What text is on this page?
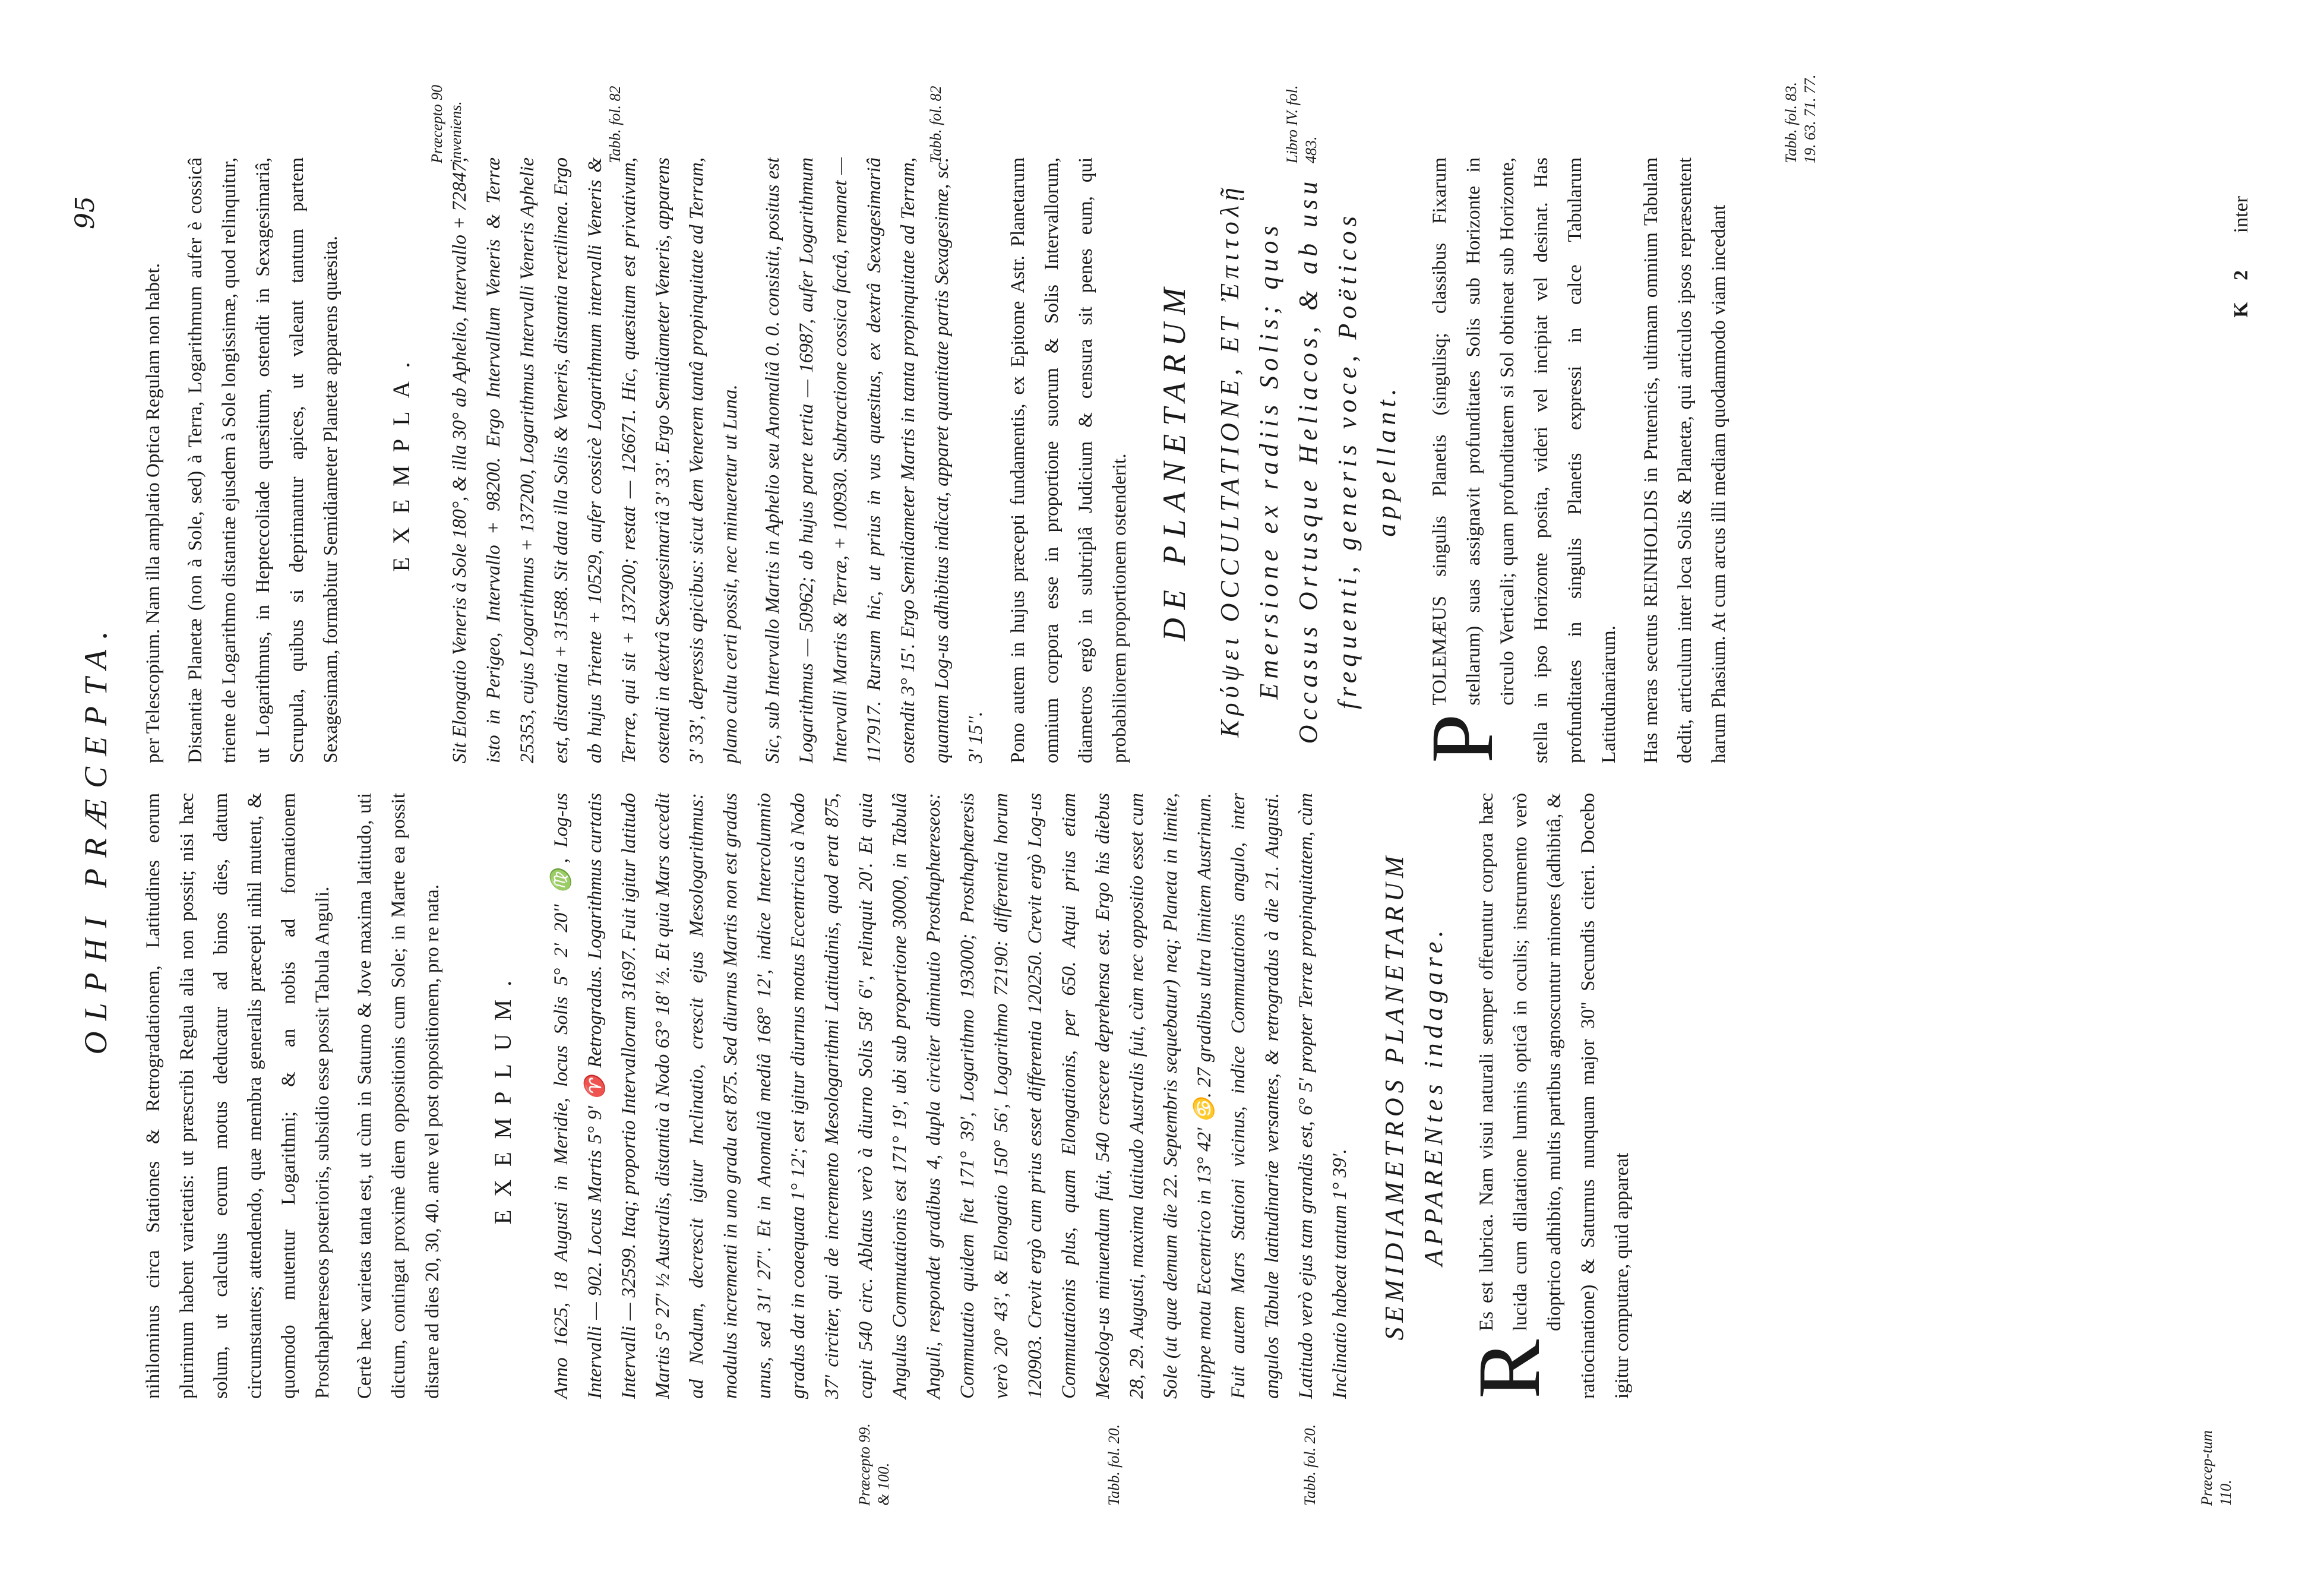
OLPHI PRÆCEPTA.
95
Præcepto 99. & 100.	Tabb. fol. 20.	Tabb. fol. 20.	Præcep-tum 110.
Præcepto 90 inveniens.	Tabb. fol. 82	Tabb. fol. 82	Libro IV. fol. 483.	Tabb. fol. 83. 19. 63. 71. 77.

nihilominus circa Stationes & Retrogradationem, Latitudines eorum plurimum habent varietatis: ut præscribi Regula alia non possit; nisi hæc solum, ut calculus eorum motus deducatur ad binos dies, datum circumstantes; attendendo, quæ membra generalis præcepti nihil mutent, & quomodo mutentur Logarithmi; & an nobis ad formationem Prosthaphæreseos posterioris, subsidio esse possit Tabula Anguli.	Certè hæc varietas tanta est, ut cùm in Saturno & Jove maxima latitudo, uti dictum, contingat proximè diem oppositionis cum Sole; in Marte ea possit distare ad dies 20, 30, 40. ante vel post oppositionem, pro re nata. EXEMPLUM.	Anno 1625, 18 Augusti in Meridie, locus Solis 5° 2' 20'' ♍, Log-us Intervalli — 902. Locus Martis 5° 9' ♈ Retrogradus. Logarithmus curtatis Intervalli — 32599. Itaq; proportio Intervallorum 31697. Fuit igitur latitudo Martis 5° 27' ½ Australis, distantia à Nodo 63° 18' ½. Et quia Mars accedit ad Nodum, decrescit igitur Inclinatio, crescit ejus Mesologarithmus: modulus incrementi in uno gradu est 875. Sed diurnus Martis non est gradus unus, sed 31' 27''. Et in Anomaliâ mediâ 168° 12', indice Intercolumnio gradus dat in coaequata 1° 12'; est igitur diurnus motus Eccentricus à Nodo 37' circiter, qui de incremento Mesologarithmi Latitudinis, quod erat 875, capit 540 circ. Ablatus verò à diurno Solis 58' 6'', relinquit 20'. Et quia Angulus Commutationis est 171° 19', ubi sub proportione 30000, in Tabulâ Anguli, respondet gradibus 4, dupla circiter diminutio Prosthaphæreseos: Commutatio quidem fiet 171° 39', Logarithmo 193000; Prosthaphæresis verò 20° 43', & Elongatio 150° 56', Logarithmo 72190: differentia horum 120903. Crevit ergò cum prius esset differentia 120250. Crevit ergò Log-us Commutationis plus, quam Elongationis, per 650. Atqui prius etiam Mesolog-us minuendum fuit, 540 crescere deprehensa est. Ergo his diebus 28, 29. Augusti, maxima latitudo Australis fuit, cùm nec oppositio esset cum Sole (ut quæ demum die 22. Septembris sequebatur) neq; Planeta in limite, quippe motu Eccentrico in 13° 42' ♋. 27 gradibus ultra limitem Austrinum. Fuit autem Mars Stationi vicinus, indice Commutationis angulo, inter angulos Tabulæ latitudinariæ versantes, & retrogradus à die 21. Augusti. Latitudo verò ejus tam grandis est, 6° 5' propter Terræ propinquitatem, cùm Inclinatio habeat tantum 1° 39'. SEMIDIAMETROS PLANETARUM APPARENtes indagare.

R
Es est lubrica. Nam visui naturali semper offeruntur corpora hæc lucida cum dilatatione luminis opticâ in oculis; instrumento verò dioptrico adhibito, multis partibus agnoscuntur minores (adhibitâ, & ratiocinatione) & Saturnus nunquam major 30'' Secundis citeri. Docebo igitur computare, quid appareat

per Telescopium. Nam illa amplatio Optica Regulam non habet.	Distantiæ Planetæ (non à Sole, sed) à Terra, Logarithmum aufer è cossicâ triente de Logarithmo distantiæ ejusdem à Sole longissimæ, quod relinquitur, ut Logarithmus, in Hepteccoliade quæsitum, ostendit in Sexagesimariâ, Scrupula, quibus si deprimantur apices, ut valeant tantum partem Sexagesimam, formabitur Semidiameter Planetæ apparens quæsita. EXEMPLA.	Sit Elongatio Veneris à Sole 180°, & illa 30° ab Aphelio, Intervallo + 72847, isto in Perigeo, Intervallo + 98200. Ergo Intervallum Veneris & Terræ 25353, cujus Logarithmus + 137200, Logarithmus Intervalli Veneris Aphelie est, distantia + 31588. Sit data illa Solis & Veneris, distantia rectilinea. Ergo ab hujus Triente + 10529, aufer cossicè Logarithmum intervalli Veneris & Terræ, qui sit + 137200; restat — 126671. Hic, quæsitum est privativum, ostendi in dextrâ Sexagesimariâ 3' 33'. Ergo Semidiameter Veneris, apparens 3' 33', depressis apicibus: sicut dem Venerem tantâ propinquitate ad Terram, plano cultu certi possit, nec minueretur ut Luna.	Sic, sub Intervallo Martis in Aphelio seu Anomaliâ 0. 0. consistit, positus est Logarithmus — 50962; ab hujus parte tertia — 16987, aufer Logarithmum Intervalli Martis & Terræ, + 100930. Subtractione cossica factâ, remanet — 117917. Rursum hic, ut prius in vus quæsitus, ex dextrâ Sexagesimariâ ostendit 3° 15'. Ergo Semidiameter Martis in tanta propinquitate ad Terram, quantam Log-us adhibitus indicat, apparet quantitate partis Sexagesimæ, sc. 3' 15''.	Pono autem in hujus præcepti fundamentis, ex Epitome Astr. Planetarum omnium corpora esse in proportione suorum & Solis Intervallorum, diametros ergò in subtriplâ Judicium & censura sit penes eum, qui probabiliorem proportionem ostenderit. DE PLANETARUM Κρύψει OCCULTATIONE, ET Ἐπιτολῇ Emersione ex radiis Solis; quos Occasus Ortusque Heliacos, & ab usu frequenti, generis voce, Poëticos appellant.

P
TOLEMÆUS singulis Planetis (singulisq; classibus Fixarum stellarum) suas assignavit profunditates Solis sub Horizonte in circulo Verticali; quam profunditatem si Sol obtineat sub Horizonte, stella in ipso Horizonte posita, videri vel incipiat vel desinat. Has profunditates in singulis Planetis expressi in calce Tabularum Latitudinariarum.	Has meras secutus REINHOLDIS in Prutenicis, ultimam omnium Tabulam dedit, articulum inter loca Solis & Planetæ, qui articulos ipsos repræsentent harum Phasium. At cum arcus illi mediam quodammodo viam incedant	K 2 inter
